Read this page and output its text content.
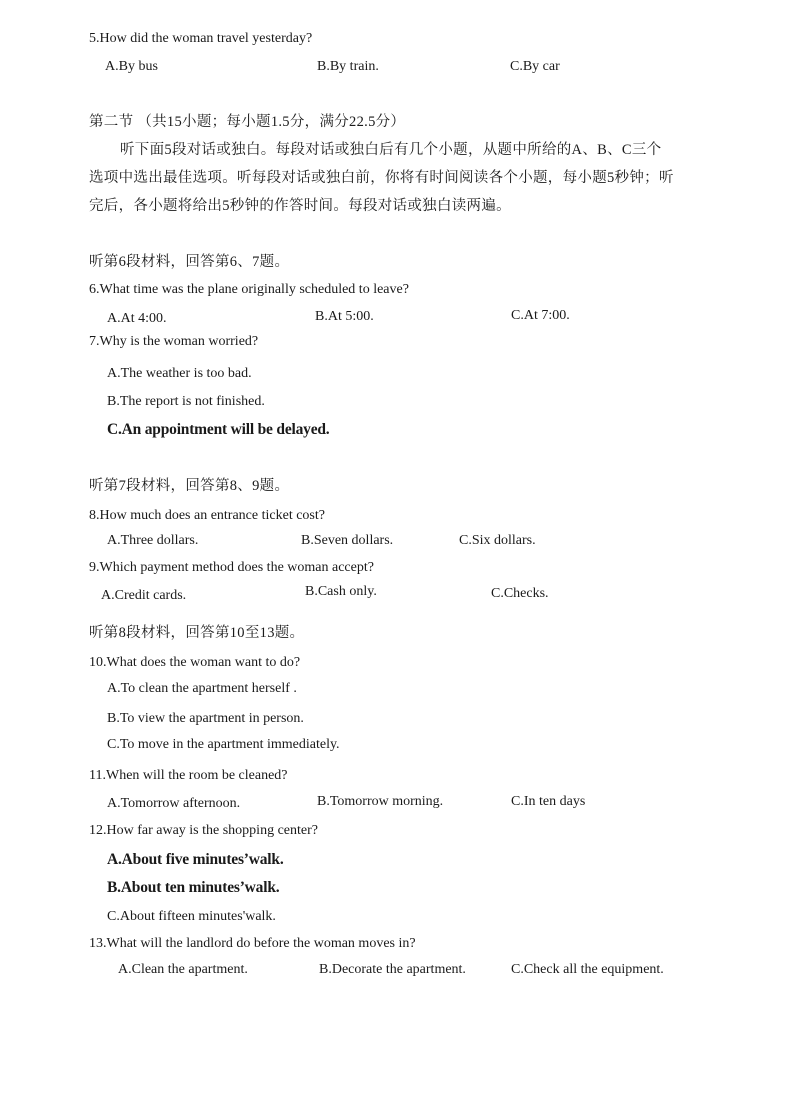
5.How did the woman travel yesterday?
A.By bus	B.By train.	C.By car
第二节 （共15小题；每小题1.5分，满分22.5分）
听下面5段对话或独白。每段对话或独白后有几个小题，从题中所给的A、B、C三个
选项中选出最佳选项。听每段对话或独白前，你将有时间阅读各个小题，每小题5秒钟；听
完后，各小题将给出5秒钟的作答时间。每段对话或独白读两遍。
听第6段材料，回答第6、7题。
6.What time was the plane originally scheduled to leave?
A.At 4:00.	B.At 5:00.	C.At 7:00.
7.Why is the woman worried?
A.The weather is too bad.
B.The report is not finished.
C.An appointment will be delayed.
听第7段材料，回答第8、9题。
8.How much does an entrance ticket cost?
A.Three dollars.	B.Seven dollars.	C.Six dollars.
9.Which payment method does the woman accept?
A.Credit cards.	B.Cash only.	C.Checks.
听第8段材料，回答第10至13题。
10.What does the woman want to do?
A.To clean the apartment herself .
B.To view the apartment in person.
C.To move in the apartment immediately.
11.When will the room be cleaned?
A.Tomorrow afternoon.	B.Tomorrow morning.	C.In ten days
12.How far away is the shopping center?
A.About five minutes’walk.
B.About ten minutes’walk.
C.About fifteen minutes'walk.
13.What will the landlord do before the woman moves in?
A.Clean the apartment.	B.Decorate the apartment.	C.Check all the equipment.
